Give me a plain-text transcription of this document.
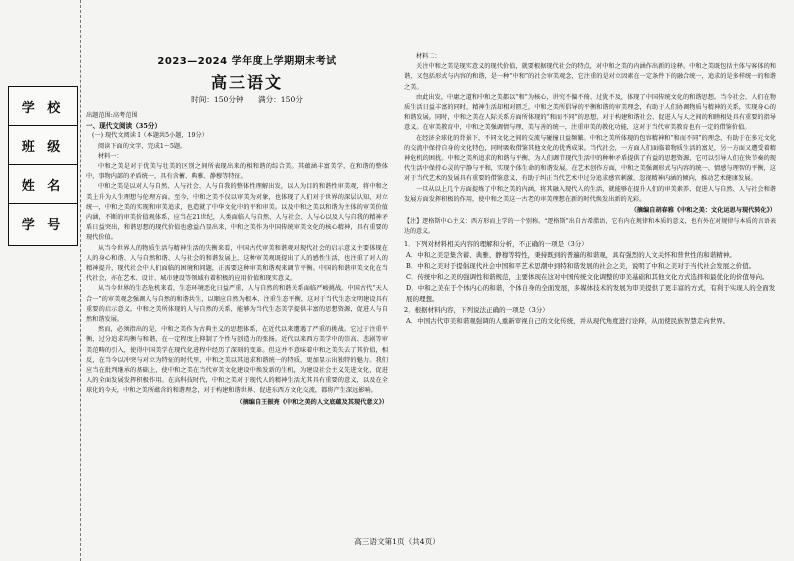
学 校
班 级
姓 名
学 号
2023—2024 学年度上学期期末考试
高三语文
时间：150分钟 满分：150分

出题范围:高考范围

一、现代文阅读（35分）

(一) 现代文阅读 Ⅰ（本题共5小题，19分）

阅读下面的文字，完成1～5题。

材料一：

中和之美是对于优美与壮美的区别之间所表现出来的相和谐的综合美。其蕴涵丰富美学，在和谐的整体中，事物内部的矛盾统一，具有含蓄、典雅、静穆等特征。

中和之美是以对人与自然、人与社会、人与自我的整体性理解出发，以人为目的和谐性审美观，将中和之美上升为人生理想与伦理方面。至今，中和之美不仅以审美为对象，也体现了人们对于世界的深层认知，对立统一，中和之美的实现和审美追求，也造就了中华文化中的平和审美。以及中和之美以和谐为主体的审美价值内涵，不断的审美价值观体系，应当在21世纪，人类面临人与自然、人与社会、人与心以及人与自我的精神矛盾日益突出，和谐思想的现代价值也愈益凸显出来，中和之美作为中国传统审美文化的核心精神，具有重要的现代价值。

从当今世界人的物质生活与精神生活的失衡来看，中国古代审美和谐观对现代社会的启示意义主要体现在人的身心和谐、人与自然和谐、人与社会的和谐发展上，这种审美观既提出了人的感性生活，也注重了对人的精神提升，现代社会中人们面临的困境和问题，正需要这种审美和谐观来调节平衡。中国的和谐审美文化在当代社会，亦在艺术、设计、城市建设等领域有着积极的应用价值和现实意义。

从当今世界的生态危机来看，生态环境恶化日益严重，人与自然的和谐关系面临严峻挑战。中国古代“天人合一”的审美观念强调人与自然的和谐共生，以顺应自然为根本，注重生态平衡，这对于当代生态文明建设具有重要的启示意义。中和之美所体现的人与自然的关系，能够为当代生态美学提供丰富的思想资源，促进人与自然和谐发展。

然而，必须指出的是，中和之美作为古典主义的思想体系，在近代以来遭遇了严重的挑战。它过于注重平衡，过分追求均衡与和谐，在一定程度上抑制了个性与创造力的张扬。近代以来西方美学中的崇高、悲剧等审美范畴的引入，使得中国美学在现代化进程中经历了深刻的变革。但这并不意味着中和之美失去了其价值，相反，在当今以冲突与对立为特征的时代里，中和之美以其追求和谐统一的特质，更加显示出独特的魅力。我们应当在批判继承的基础上，使中和之美在当代审美文化建设中焕发新的生机，为建设社会主义先进文化，促进人的全面发展发挥积极作用。在高科技时代，中和之美对于现代人的精神生活尤其具有重要的意义，以及在全球化的今天，中和之美所蕴含的和谐理念，对于构建和谐世界、促进东西方文化交流，都将产生深远影响。

（摘编自王振亮《中和之美的人文底蕴及其现代意义》）

材料二：

关注中和之美是现实意义的现代价值，就要根据现代社会的特点，对中和之美的内涵作出新的诠释。中和之美既包括主体与客体的和谐，又包括形式与内容的和谐，是一种“中和”的社会审美观念，它注重的是对立因素在一定条件下的融合统一，追求的是多样统一的和谐之美。

由此出发，中庸之道和中和之美都以“和”为核心，讲究不偏不倚、过犹不及，体现了中国传统文化的和谐思想。当今社会，人们在物质生活日益丰富的同时，精神生活却相对匮乏，中和之美所倡导的平衡和谐的审美理念，有助于人们协调物质与精神的关系，实现身心的和谐发展。同时，中和之美在人际关系方面所体现的“和而不同”的思想，对于构建和谐社会、促进人与人之间的和睦相处具有重要的指导意义。在审美教育中，中和之美强调情与理、美与善的统一，注重审美的教化功能，这对于当代审美教育也有一定的借鉴价值。

在经济全球化的背景下，不同文化之间的交流与碰撞日益频繁。中和之美所体现的包容精神和“和而不同”的理念，有助于在多元文化的交流中保持自身的文化特色，同时吸收借鉴其他文化的优秀成果。当代社会，一方面人们面临着物质生活的富足，另一方面又遭受着精神危机的困扰。中和之美所追求的和谐与平衡，为人们调节现代生活中的种种矛盾提供了有益的思想资源，它可以引导人们在快节奏的现代生活中保持心灵的宁静与平和，实现个体生命的和谐发展。在艺术创作方面，中和之美强调形式与内容的统一、情感与理智的平衡，这对于当代艺术的发展具有重要的借鉴意义，有助于纠正当代艺术中过分追求感官刺激、忽视精神内涵的倾向，推动艺术健康发展。

一旦从以上几个方面提炼了中和之美的内涵，将其融入现代人的生活，就能够在提升人们的审美素养、促进人与自然、人与社会和谐发展方面发挥积极的作用，使中和之美这一古老的审美理想在新的时代焕发出新的光彩。

（摘编自胡春雅《中和之美：文化运思与现代转化》）

【注】逻格斯中心主义：西方形而上学的一个别称。“逻格斯”出自古希腊语，它有内在规律和本质的意义，也有外在对规律与本质的言语表达的意义。

1．下列对材料相关内容的理解和分析，不正确的一项是（3分）

A．中和之美是集含蓄、典雅、静穆等特性，秉持既到的普遍的和谐观，具有强烈的人文关怀和普世性的和谐精神。

B．中和之美对于提倡现代社会中国和平艺术思潮中到特和谐发展的社会之美，说明了中和之美对于当代社会发展之价值。

C．传统中和之美的强调性和谐规范，主要体现在这对中国传统文化调整的审美基础和其他文化方式选择和最优化的价值导向。

D．中和之美在于个体内心的和谐，个体自身的全面发展，多媒体技术的发展为审美提供了更丰富的方式，有利于实现人的全面发展的理想。

2．根据材料内容，下列说法正确的一项是（3分）

A．中国古代审美和谐观强调的人重新审视自己的文化传统，并从现代角度进行诠释，从而使民族智慧走向世界。

高三语文第1页（共4页）
